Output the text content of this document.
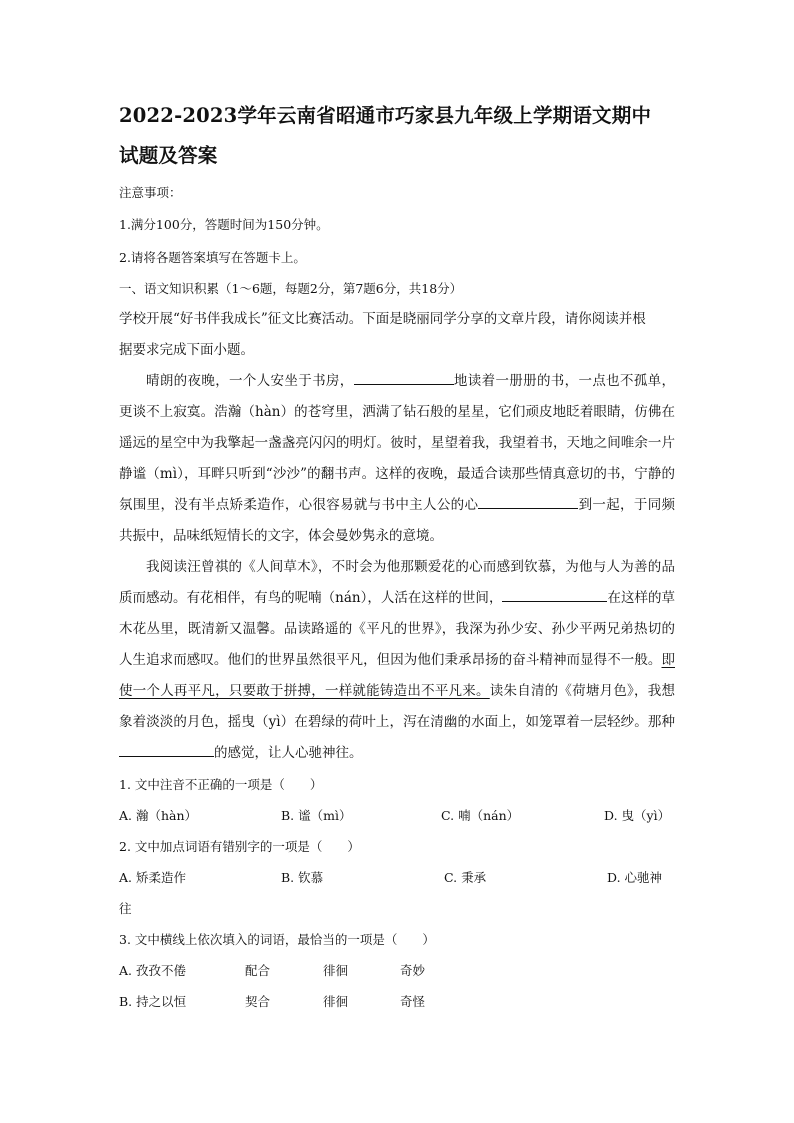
2022-2023学年云南省昭通市巧家县九年级上学期语文期中

试题及答案

注意事项：

1.满分100分，答题时间为150分钟。

2.请将各题答案填写在答题卡上。

一、语文知识积累（1～6题，每题2分，第7题6分，共18分）

学校开展“好书伴我成长”征文比赛活动。下面是晓丽同学分享的文章片段，请你阅读并根

据要求完成下面小题。

晴朗的夜晚，一个人安坐于书房，	地读着一册册的书，一点也不孤单，更谈不上寂寞。浩瀚（hàn）的苍穹里，洒满了钻石般的星星，它们顽皮地眨着眼睛，仿佛在遥远的星空中为我擎起一盏盏亮闪闪的明灯。彼时，星望着我，我望着书，天地之间唯余一片静谧（mì），耳畔只听到“沙沙”的翻书声。这样的夜晚，最适合读那些情真意切的书，宁静的氛围里，没有半点矫柔造作，心很容易就与书中主人公的心	到一起，于同频共振中，品味纸短情长的文字，体会曼妙隽永的意境。

我阅读汪曾祺的《人间草木》，不时会为他那颗爱花的心而感到钦慕，为他与人为善的品质而感动。有花相伴，有鸟的呢喃（nán），人活在这样的世间，	在这样的草木花丛里，既清新又温馨。品读路遥的《平凡的世界》，我深为孙少安、孙少平两兄弟热切的人生追求而感叹。他们的世界虽然很平凡，但因为他们秉承昂扬的奋斗精神而显得不一般。即使一个人再平凡，只要敢于拼搏，一样就能铸造出不平凡来。读朱自清的《荷塘月色》，我想象着淡淡的月色，摇曳（yì）在碧绿的荷叶上，泻在清幽的水面上，如笼罩着一层轻纱。那种的感觉，让人心驰神往。

1. 文中注音不正确的一项是（　　）

A. 瀚（hàn）	B. 谧（mì）	C. 喃（nán）	D. 曳（yì）

2. 文中加点词语有错别字的一项是（　　）

A. 矫柔造作	B. 钦慕	C. 秉承	D. 心驰神

往

3. 文中横线上依次填入的词语，最恰当的一项是（　　）

A. 孜孜不倦	配合	徘徊	奇妙
B. 持之以恒	契合	徘徊	奇怪
